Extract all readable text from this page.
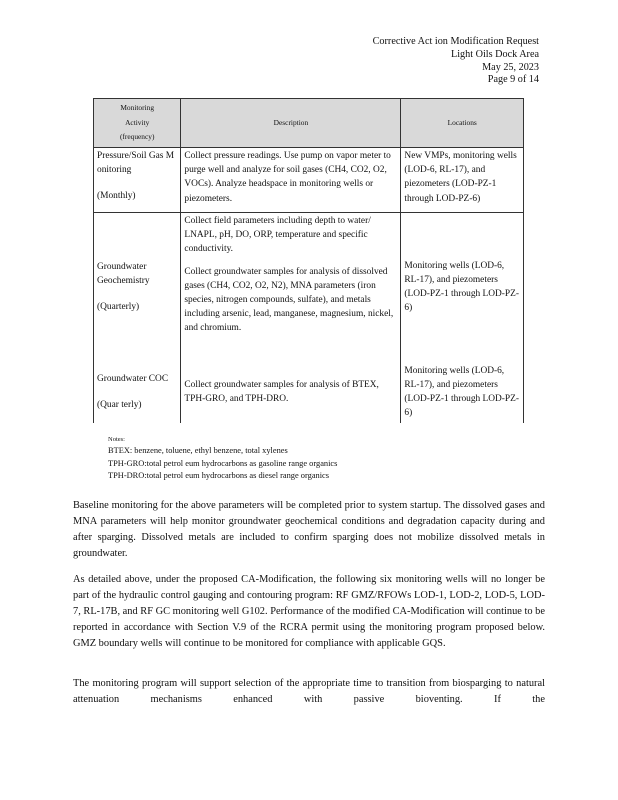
Corrective Act ion Modification Request
Light Oils Dock Area
May 25, 2023
Page 9 of 14
Monitoring
Activity
(frequency)	Description	Locations

Pressure/Soil Gas M onitoring
(Monthly)	Collect pressure readings. Use pump on vapor meter to purge well and analyze for soil gases (CH4, CO2, O2, VOCs). Analyze headspace in monitoring wells or piezometers.	New VMPs, monitoring wells (LOD-6, RL-17), and piezometers (LOD-PZ-1 through LOD-PZ-6)

Groundwater Geochemistry
(Quarterly)	Collect field parameters including depth to water/ LNAPL, pH, DO, ORP, temperature and specific conductivity.
Collect groundwater samples for analysis of dissolved gases (CH4, CO2, O2, N2), MNA parameters (iron species, nitrogen compounds, sulfate), and metals including arsenic, lead, manganese, magnesium, nickel, and chromium.	Monitoring wells (LOD-6, RL-17), and piezometers (LOD-PZ-1 through LOD-PZ-6)

Groundwater COC
(Quar terly)	Collect groundwater samples for analysis of BTEX, TPH-GRO, and TPH-DRO.	Monitoring wells (LOD-6, RL-17), and piezometers (LOD-PZ-1 through LOD-PZ-6)
Notes:
BTEX: benzene, toluene, ethyl benzene, total xylenes
TPH-GRO:total petrol eum hydrocarbons as gasoline range organics
TPH-DRO:total petrol eum hydrocarbons as diesel range organics

Baseline monitoring for the above parameters will be completed prior to system startup. The dissolved gases and MNA parameters will help monitor groundwater geochemical conditions and degradation capacity during and after sparging. Dissolved metals are included to confirm sparging does not mobilize dissolved metals in groundwater.

As detailed above, under the proposed CA-Modification, the following six monitoring wells will no longer be part of the hydraulic control gauging and contouring program: RF GMZ/RFOWs LOD-1, LOD-2, LOD-5, LOD-7, RL-17B, and RF GC monitoring well G102. Performance of the modified CA-Modification will continue to be reported in accordance with Section V.9 of the RCRA permit using the monitoring program proposed below. GMZ boundary wells will continue to be monitored for compliance with applicable GQS.

The monitoring program will support selection of the appropriate time to transition from biosparging to natural attenuation mechanisms enhanced with passive bioventing. If the
